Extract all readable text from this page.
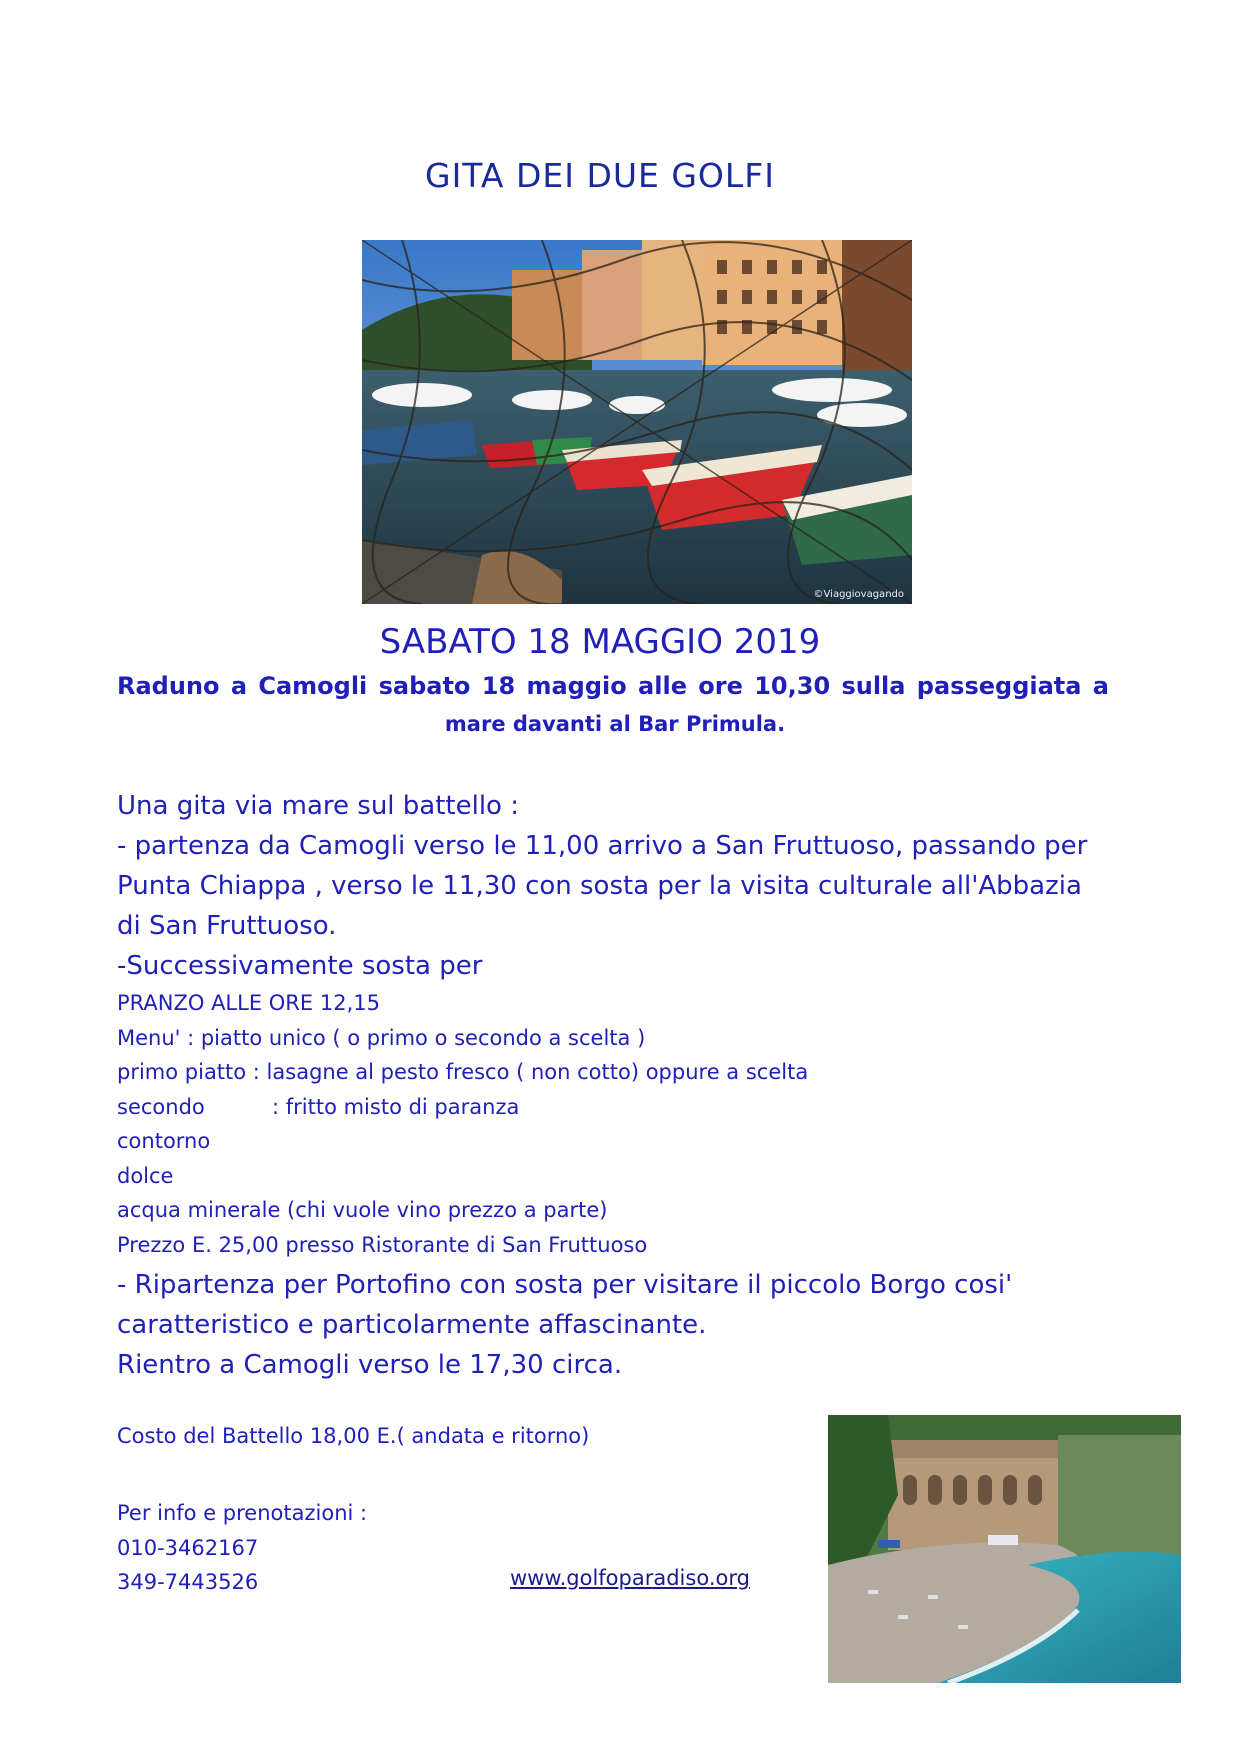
GITA DEI DUE GOLFI
©Viaggiovagando
SABATO 18 MAGGIO 2019
Raduno a Camogli sabato 18 maggio alle ore 10,30 sulla passeggiata a
mare davanti al Bar Primula.
Una gita via mare sul battello :
- partenza da Camogli verso le 11,00 arrivo a San Fruttuoso, passando per
Punta Chiappa , verso le 11,30 con sosta per la visita culturale all'Abbazia
di San Fruttuoso.
-Successivamente sosta per
PRANZO ALLE ORE 12,15
Menu' : piatto unico ( o primo o secondo a scelta )
primo piatto : lasagne al pesto fresco ( non cotto) oppure a scelta
secondo	: fritto misto di paranza
contorno
dolce
acqua minerale (chi vuole vino prezzo a parte)
Prezzo E. 25,00 presso Ristorante di San Fruttuoso
- Ripartenza per Portofino con sosta per visitare il piccolo Borgo cosi'
caratteristico e particolarmente affascinante.
Rientro a Camogli verso le 17,30 circa.
Costo del Battello 18,00 E.( andata e ritorno)
Per info e prenotazioni :
010-3462167
349-7443526	www.golfoparadiso.org
